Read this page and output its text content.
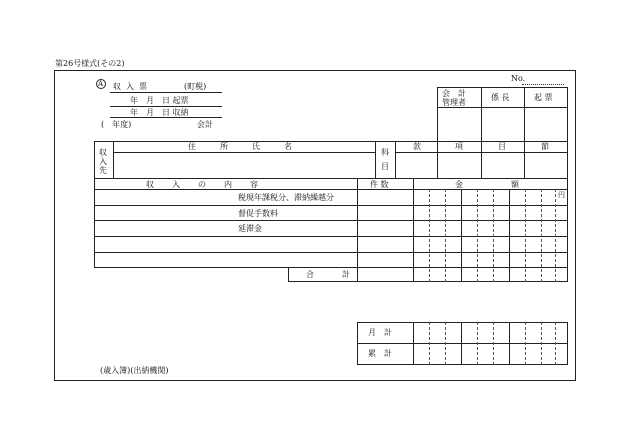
第26号様式(その2)
No.
A 収入票	(町税)
年　月　日 起票
年　月　日 収納
(　年度)	会計
会　計
管理者
係 長	起 票
収
入
先
住　所　氏　名
科
目
款	項	目	節
収入の内容	件 数	金　額
円
税現年課税分、滞納繰越分
督促手数料
延滞金
合　計
月　計
累　計
(歳入簿)(出納機関)
